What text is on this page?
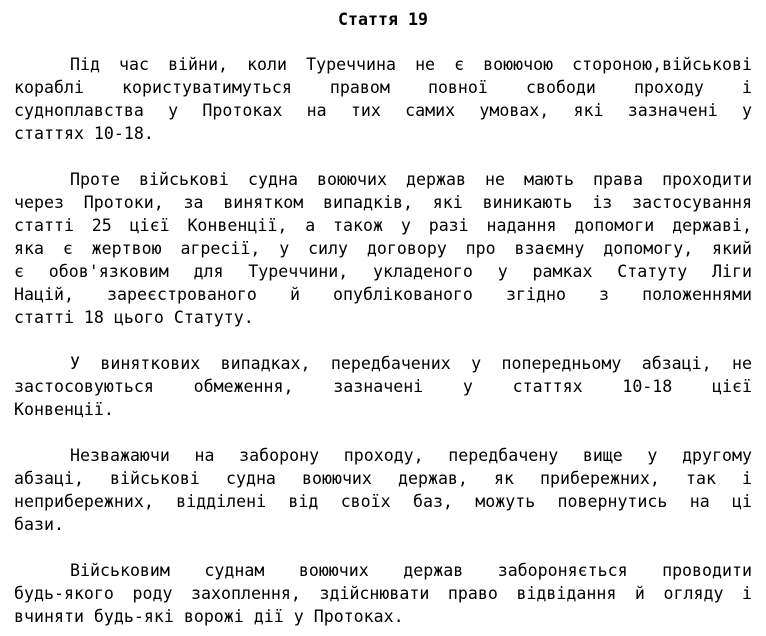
Стаття 19
Під час війни, коли Туреччина не є воюючою стороною,військові
кораблі користуватимуться правом повної свободи проходу і
судноплавства у Протоках на тих самих умовах, які зазначені у
статтях 10-18.
Проте військові судна воюючих держав не мають права проходити
через Протоки, за винятком випадків, які виникають із застосування
статті 25 цієї Конвенції, а також у разі надання допомоги державі,
яка є жертвою агресії, у силу договору про взаємну допомогу, який
є обов'язковим для Туреччини, укладеного у рамках Статуту Ліги
Націй, зареєстрованого й опублікованого згідно з положеннями
статті 18 цього Статуту.
У виняткових випадках, передбачених у попередньому абзаці, не
застосовуються обмеження, зазначені у статтях 10-18 цієї
Конвенції.
Незважаючи на заборону проходу, передбачену вище у другому
абзаці, військові судна воюючих держав, як прибережних, так і
неприбережних, відділені від своїх баз, можуть повернутись на ці
бази.
Військовим суднам воюючих держав забороняється проводити
будь-якого роду захоплення, здійснювати право відвідання й огляду і
вчиняти будь-які ворожі дії у Протоках.
